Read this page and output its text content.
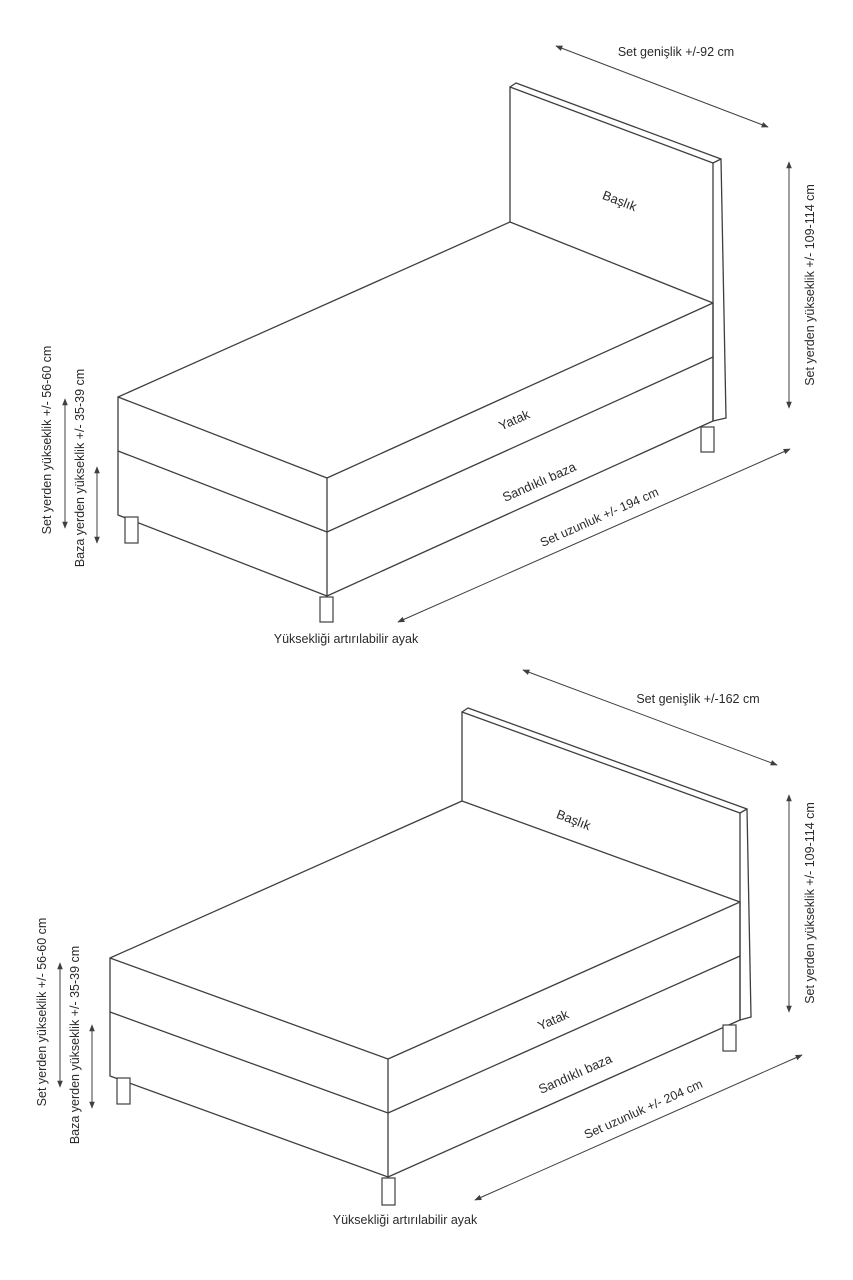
Set genişlik +/-92 cm
Başlık
Yatak
Sandıklı baza
Set yerden yükseklik +/- 109-114 cm
Set yerden yükseklik +/- 56-60 cm Baza yerden yükseklik +/- 35-39 cm	Set uzunluk +/- 194 cm
Yüksekliği artırılabilir ayak
Set genişlik +/-162 cm
Başlık
Yatak
Sandıklı baza
Set yerden yükseklik +/- 109-114 cm
Set yerden yükseklik +/- 56-60 cm Baza yerden yükseklik +/- 35-39 cm	Set uzunluk +/- 204 cm
Yüksekliği artırılabilir ayak
